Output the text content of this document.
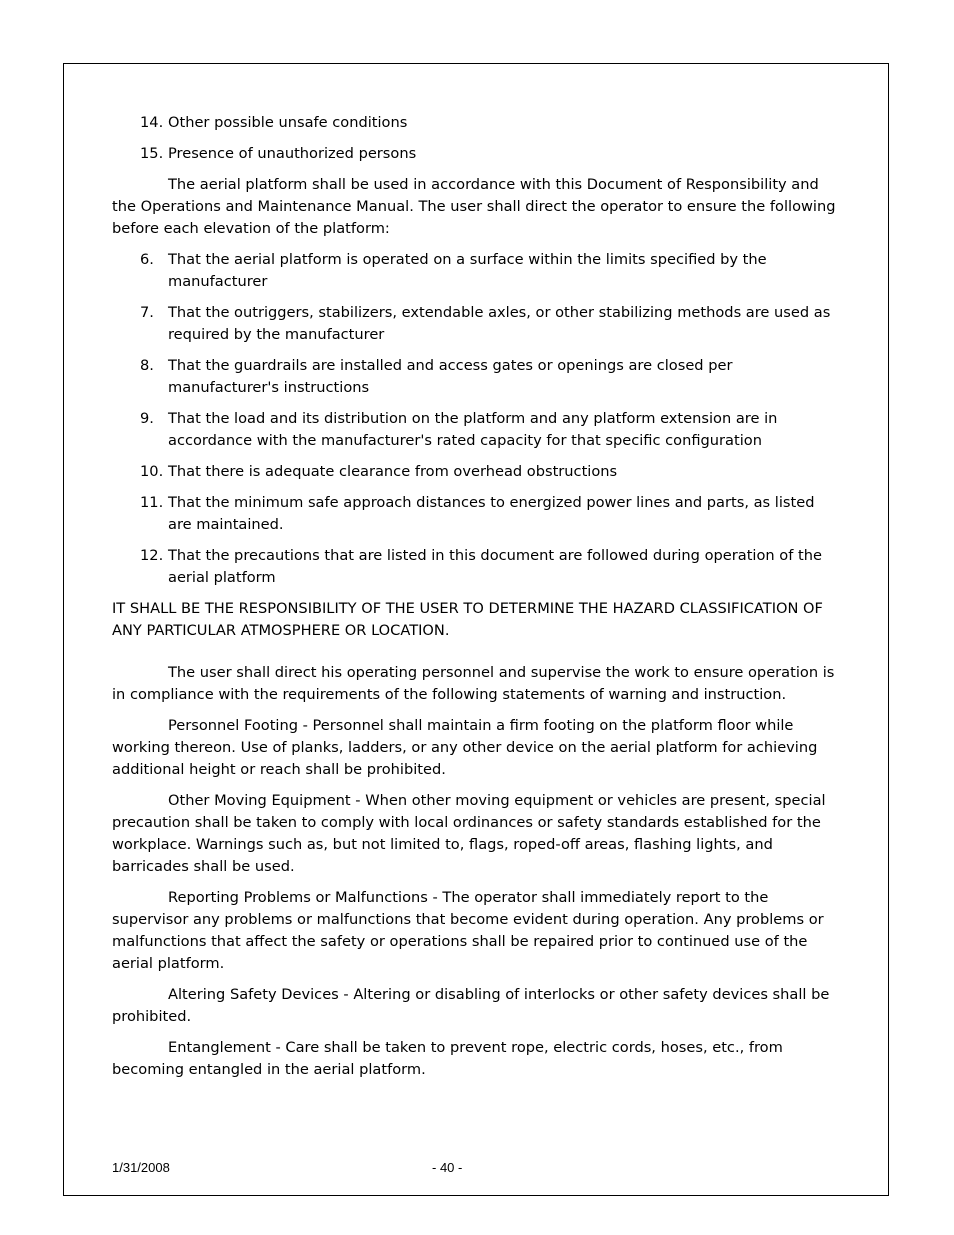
14. Other possible unsafe conditions
15. Presence of unauthorized persons

The aerial platform shall be used in accordance with this Document of Responsibility and the Operations and Maintenance Manual. The user shall direct the operator to ensure the following before each elevation of the platform:

6. That the aerial platform is operated on a surface within the limits specified by the manufacturer
7. That the outriggers, stabilizers, extendable axles, or other stabilizing methods are used as required by the manufacturer
8. That the guardrails are installed and access gates or openings are closed per manufacturer's instructions
9. That the load and its distribution on the platform and any platform extension are in accordance with the manufacturer's rated capacity for that specific configuration
10. That there is adequate clearance from overhead obstructions
11. That the minimum safe approach distances to energized power lines and parts, as listed are maintained.
12. That the precautions that are listed in this document are followed during operation of the aerial platform

IT SHALL BE THE RESPONSIBILITY OF THE USER TO DETERMINE THE HAZARD CLASSIFICATION OF ANY PARTICULAR ATMOSPHERE OR LOCATION.

The user shall direct his operating personnel and supervise the work to ensure operation is in compliance with the requirements of the following statements of warning and instruction.

Personnel Footing - Personnel shall maintain a firm footing on the platform floor while working thereon. Use of planks, ladders, or any other device on the aerial platform for achieving additional height or reach shall be prohibited.

Other Moving Equipment - When other moving equipment or vehicles are present, special precaution shall be taken to comply with local ordinances or safety standards established for the workplace. Warnings such as, but not limited to, flags, roped-off areas, flashing lights, and barricades shall be used.

Reporting Problems or Malfunctions - The operator shall immediately report to the supervisor any problems or malfunctions that become evident during operation. Any problems or malfunctions that affect the safety or operations shall be repaired prior to continued use of the aerial platform.

Altering Safety Devices - Altering or disabling of interlocks or other safety devices shall be prohibited.

Entanglement - Care shall be taken to prevent rope, electric cords, hoses, etc., from becoming entangled in the aerial platform.

1/31/2008	- 40 -
